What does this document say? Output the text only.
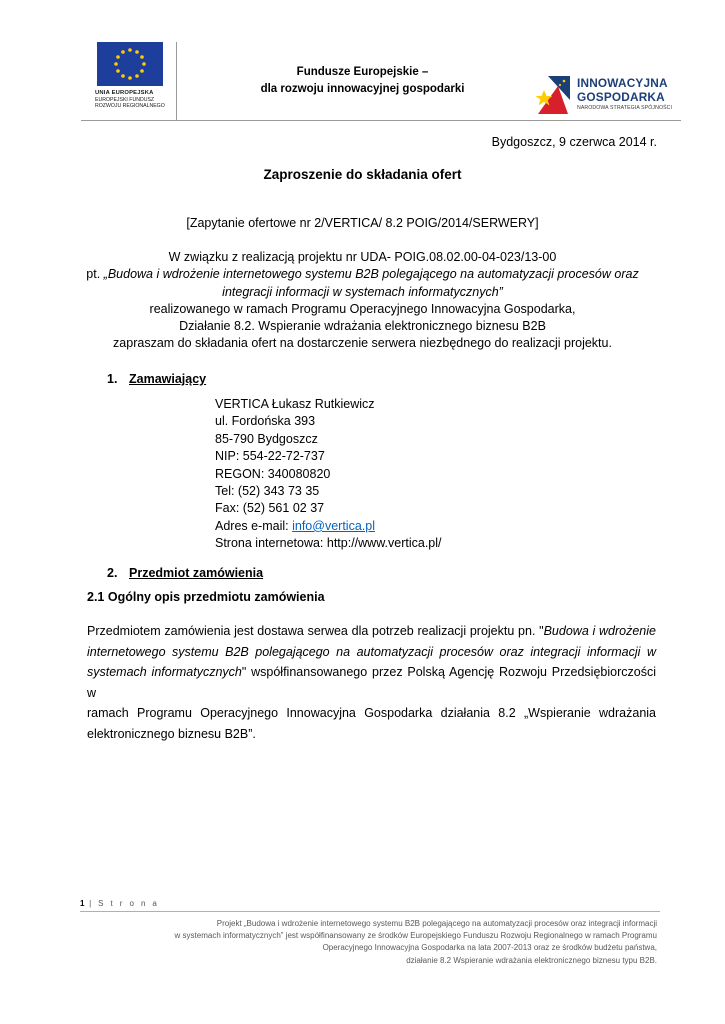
UNIA EUROPEJSKA
EUROPEJSKI FUNDUSZ
ROZWOJU REGIONALNEGO
Fundusze Europejskie –
dla rozwoju innowacyjnej gospodarki	INNOWACYJNA
GOSPODARKA
NARODOWA STRATEGIA SPÓJNOŚCI
Bydgoszcz, 9 czerwca 2014 r.
Zaproszenie do składania ofert
[Zapytanie ofertowe nr 2/VERTICA/ 8.2 POIG/2014/SERWERY]
W związku z realizacją projektu nr UDA- POIG.08.02.00-04-023/13-00
pt. „Budowa i wdrożenie internetowego systemu B2B polegającego na automatyzacji procesów oraz
integracji informacji w systemach informatycznych”
realizowanego w ramach Programu Operacyjnego Innowacyjna Gospodarka,
Działanie 8.2. Wspieranie wdrażania elektronicznego biznesu B2B
zapraszam do składania ofert na dostarczenie serwera niezbędnego do realizacji projektu.
1. Zamawiający
VERTICA Łukasz Rutkiewicz
ul. Fordońska 393
85-790 Bydgoszcz
NIP: 554-22-72-737
REGON: 340080820
Tel: (52) 343 73 35
Fax: (52) 561 02 37
Adres e-mail: info@vertica.pl
Strona internetowa: http://www.vertica.pl/
2. Przedmiot zamówienia
2.1 Ogólny opis przedmiotu zamówienia
Przedmiotem zamówienia jest dostawa serwea dla potrzeb realizacji projektu pn. "Budowa i wdrożenie
internetowego systemu B2B polegającego na automatyzacji procesów oraz integracji informacji w
systemach informatycznych" współfinansowanego przez Polską Agencję Rozwoju Przedsiębiorczości w
ramach Programu Operacyjnego Innowacyjna Gospodarka działania 8.2 „Wspieranie wdrażania
elektronicznego biznesu B2B”.
1 | S t r o n a
Projekt „Budowa i wdrożenie internetowego systemu B2B polegającego na automatyzacji procesów oraz integracji informacji
w systemach informatycznych” jest współfinansowany ze środków Europejskiego Funduszu Rozwoju Regionalnego w ramach Programu
Operacyjnego Innowacyjna Gospodarka na lata 2007-2013 oraz ze środków budżetu państwa,
działanie 8.2 Wspieranie wdrażania elektronicznego biznesu typu B2B.
